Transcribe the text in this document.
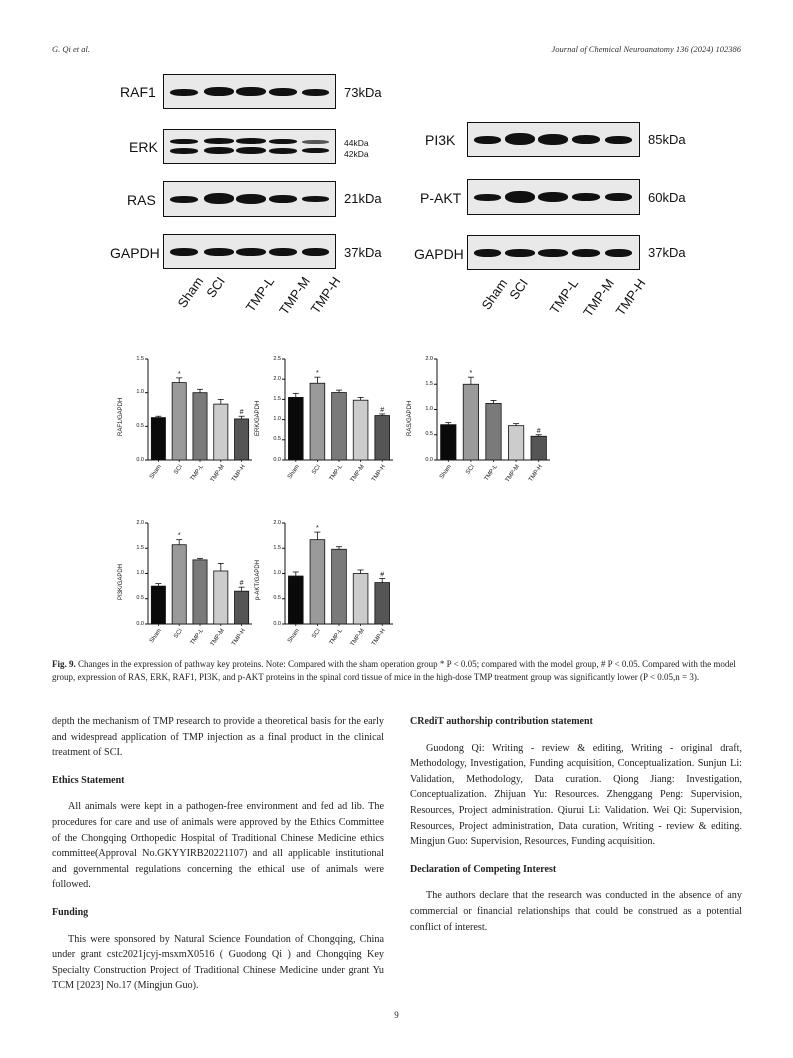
G. Qi et al.	Journal of Chemical Neuroanatomy 136 (2024) 102386
RAF1	73kDa
ERK	44kDa
42kDa
RAS	21kDa
GAPDH	37kDa
Sham
SCI TMP-L
TMP-M
TMP-H
PI3K	85kDa
P-AKT	60kDa
GAPDH	37kDa
Sham
SCI TMP-L
TMP-M
TMP-H
RAF1/GAPDH
0.0
0.5
1.0
1.5
*
#
Sham	SCI TMP-L TMP-M TMP-H
ERK/GAPDH
0.0
0.5
1.0
1.5
2.0
2.5
*
#
Sham	SCI	TMP-L TMP-M TMP-H
RAS/GAPDH
0.0
0.5
1.0
1.5
2.0
*
#
Sham	SCI	TMP-L	TMP-M	TMP-H
PI3K/GAPDH
0.0
0.5
1.0
1.5
2.0
*
#
Sham	SCI TMP-L TMP-M TMP-H
p-AKT/GAPDH
0.0
0.5
1.0
1.5
2.0
*
#
Sham	SCI	TMP-L TMP-M TMP-H
Fig. 9. Changes in the expression of pathway key proteins. Note: Compared with the sham operation group * P < 0.05; compared with the model group, # P < 0.05. Compared with the model group, expression of RAS, ERK, RAF1, PI3K, and p-AKT proteins in the spinal cord tissue of mice in the high-dose TMP treatment group was significantly lower (P < 0.05,n = 3).

depth the mechanism of TMP research to provide a theoretical basis for the early and widespread application of TMP injection as a final product in the clinical treatment of SCI.

Ethics Statement

All animals were kept in a pathogen-free environment and fed ad lib. The procedures for care and use of animals were approved by the Ethics Committee of the Chongqing Orthopedic Hospital of Traditional Chinese Medicine ethics committee(Approval No.GKYYIRB20221107) and all applicable institutional and governmental regulations concerning the ethical use of animals were followed.

Funding

This were sponsored by Natural Science Foundation of Chongqing, China under grant cstc2021jcyj-msxmX0516 ( Guodong Qi ) and Chongqing Key Specialty Construction Project of Traditional Chinese Medicine under grant Yu TCM [2023] No.17 (Mingjun Guo).

CRediT authorship contribution statement

Guodong Qi: Writing - review & editing, Writing - original draft, Methodology, Investigation, Funding acquisition, Conceptualization. Sunjun Li: Validation, Methodology, Data curation. Qiong Jiang: Investigation, Conceptualization. Zhijuan Yu: Resources. Zhenggang Peng: Supervision, Resources, Project administration. Qiurui Li: Validation. Wei Qi: Supervision, Resources, Project administration, Data curation, Writing - review & editing. Mingjun Guo: Supervision, Resources, Funding acquisition.

Declaration of Competing Interest

The authors declare that the research was conducted in the absence of any commercial or financial relationships that could be construed as a potential conflict of interest.

9
